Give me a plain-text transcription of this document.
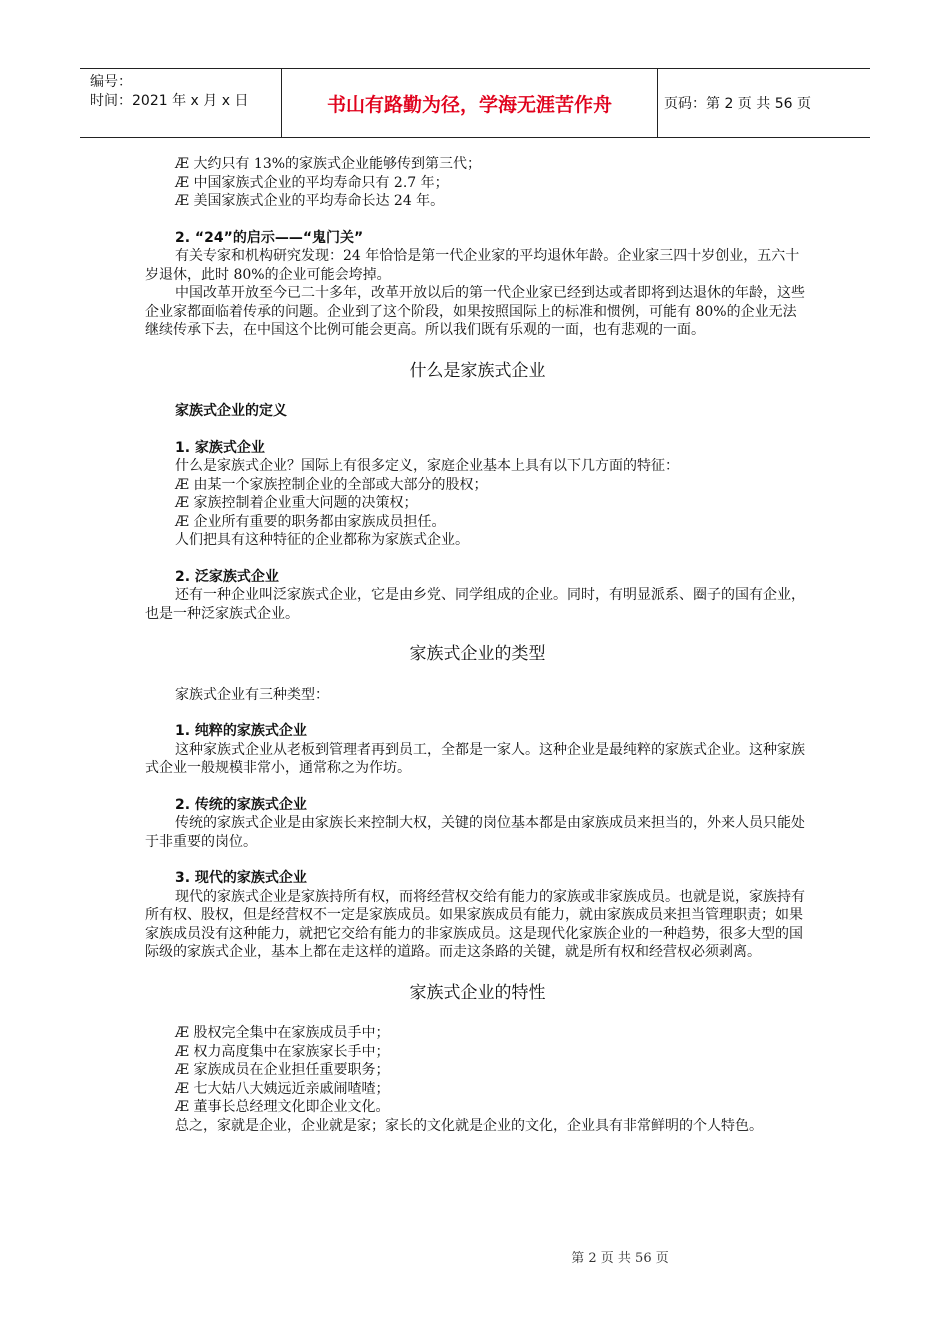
编号：
时间：2021 年 x 月 x 日	书山有路勤为径，学海无涯苦作舟	页码：第 2 页 共 56 页
Æ 大约只有 13%的家族式企业能够传到第三代；
Æ 中国家族式企业的平均寿命只有 2.7 年；
Æ 美国家族式企业的平均寿命长达 24 年。
2. “24”的启示——“鬼门关”
有关专家和机构研究发现：24 年恰恰是第一代企业家的平均退休年龄。企业家三四十岁创业，五六十岁退休，此时 80%的企业可能会垮掉。
中国改革开放至今已二十多年，改革开放以后的第一代企业家已经到达或者即将到达退休的年龄，这些企业家都面临着传承的问题。企业到了这个阶段，如果按照国际上的标准和惯例，可能有 80%的企业无法继续传承下去，在中国这个比例可能会更高。所以我们既有乐观的一面，也有悲观的一面。
什么是家族式企业
家族式企业的定义
1. 家族式企业
什么是家族式企业？国际上有很多定义，家庭企业基本上具有以下几方面的特征：
Æ 由某一个家族控制企业的全部或大部分的股权；
Æ 家族控制着企业重大问题的决策权；
Æ 企业所有重要的职务都由家族成员担任。
人们把具有这种特征的企业都称为家族式企业。
2. 泛家族式企业
还有一种企业叫泛家族式企业，它是由乡党、同学组成的企业。同时，有明显派系、圈子的国有企业，也是一种泛家族式企业。
家族式企业的类型
家族式企业有三种类型：
1. 纯粹的家族式企业
这种家族式企业从老板到管理者再到员工，全都是一家人。这种企业是最纯粹的家族式企业。这种家族式企业一般规模非常小，通常称之为作坊。
2. 传统的家族式企业
传统的家族式企业是由家族长来控制大权，关键的岗位基本都是由家族成员来担当的，外来人员只能处于非重要的岗位。
3. 现代的家族式企业
现代的家族式企业是家族持所有权，而将经营权交给有能力的家族或非家族成员。也就是说，家族持有所有权、股权，但是经营权不一定是家族成员。如果家族成员有能力，就由家族成员来担当管理职责；如果家族成员没有这种能力，就把它交给有能力的非家族成员。这是现代化家族企业的一种趋势，很多大型的国际级的家族式企业，基本上都在走这样的道路。而走这条路的关键，就是所有权和经营权必须剥离。
家族式企业的特性
Æ 股权完全集中在家族成员手中；
Æ 权力高度集中在家族家长手中；
Æ 家族成员在企业担任重要职务；
Æ 七大姑八大姨远近亲戚闹喳喳；
Æ 董事长总经理文化即企业文化。
总之，家就是企业，企业就是家；家长的文化就是企业的文化，企业具有非常鲜明的个人特色。
第 2 页 共 56 页
